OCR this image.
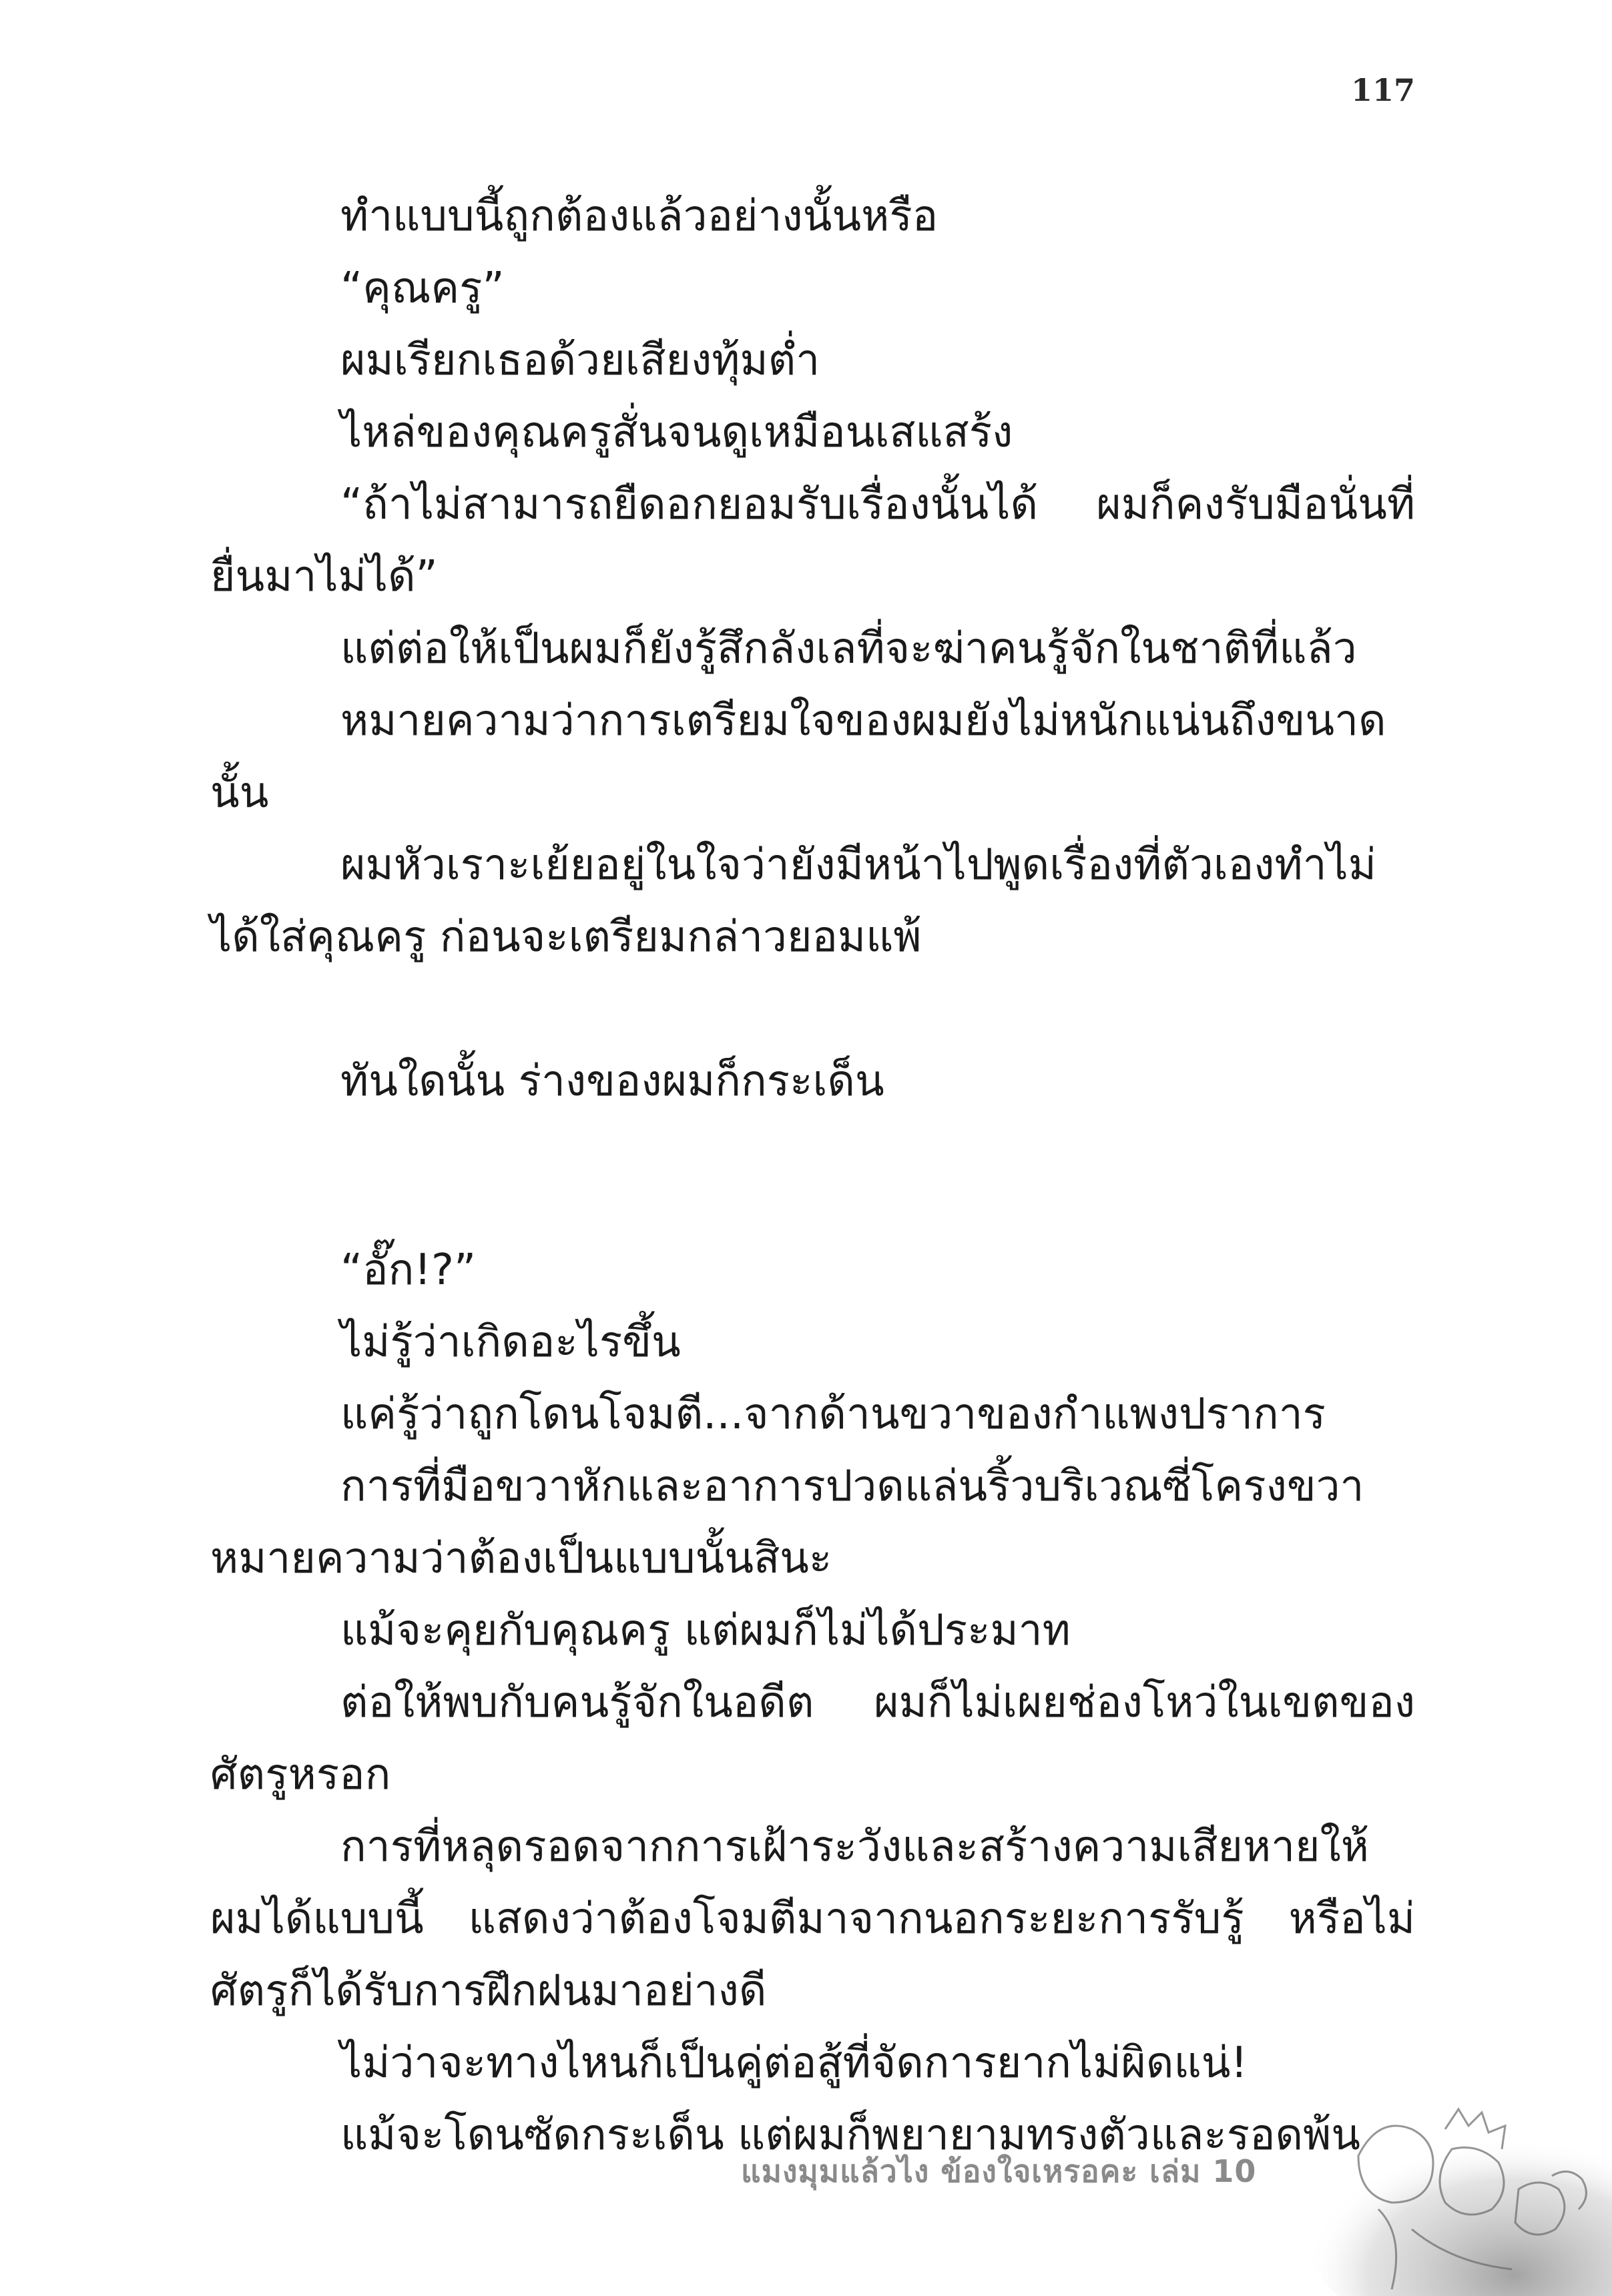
117

ทำแบบนี้ถูกต้องแล้วอย่างนั้นหรือ

“คุณครู”

ผมเรียกเธอด้วยเสียงทุ้มต่ำ

ไหล่ของคุณครูสั่นจนดูเหมือนเสแสร้ง

“ถ้าไม่สามารถยืดอกยอมรับเรื่องนั้นได้ ผมก็คงรับมือนั่นที่ยื่นมาไม่ได้”

แต่ต่อให้เป็นผมก็ยังรู้สึกลังเลที่จะฆ่าคนรู้จักในชาติที่แล้ว

หมายความว่าการเตรียมใจของผมยังไม่หนักแน่นถึงขนาดนั้น

ผมหัวเราะเย้ยอยู่ในใจว่ายังมีหน้าไปพูดเรื่องที่ตัวเองทำไม่ได้ใส่คุณครู ก่อนจะเตรียมกล่าวยอมแพ้

ทันใดนั้น ร่างของผมก็กระเด็น

“อั๊ก!?”

ไม่รู้ว่าเกิดอะไรขึ้น

แค่รู้ว่าถูกโดนโจมตี...จากด้านขวาของกำแพงปราการ

การที่มือขวาหักและอาการปวดแล่นริ้วบริเวณซี่โครงขวาหมายความว่าต้องเป็นแบบนั้นสินะ

แม้จะคุยกับคุณครู แต่ผมก็ไม่ได้ประมาท

ต่อให้พบกับคนรู้จักในอดีต ผมก็ไม่เผยช่องโหว่ในเขตของศัตรูหรอก

การที่หลุดรอดจากการเฝ้าระวังและสร้างความเสียหายให้ผมได้แบบนี้ แสดงว่าต้องโจมตีมาจากนอกระยะการรับรู้ หรือไม่ศัตรูก็ได้รับการฝึกฝนมาอย่างดี

ไม่ว่าจะทางไหนก็เป็นคู่ต่อสู้ที่จัดการยากไม่ผิดแน่!

แม้จะโดนซัดกระเด็น แต่ผมก็พยายามทรงตัวและรอดพ้น

แมงมุมแล้วไง ข้องใจเหรอคะ เล่ม 10
